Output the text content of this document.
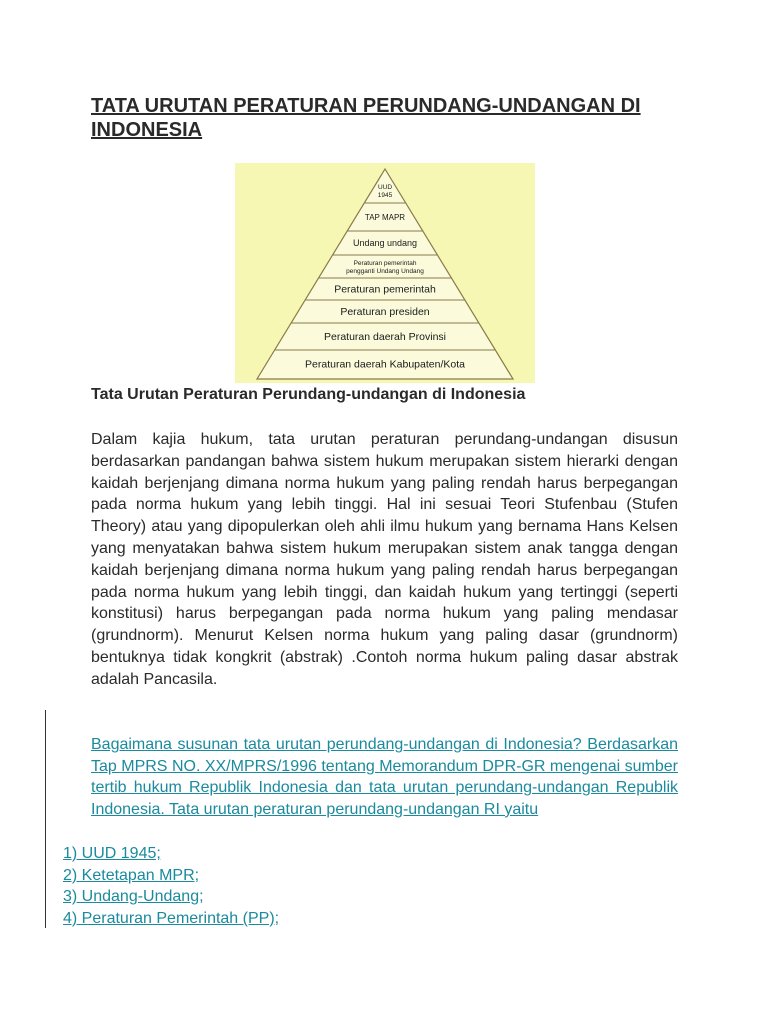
TATA URUTAN PERATURAN PERUNDANG-UNDANGAN DI INDONESIA
UUD 1945
TAP MAPR
Undang undang
Peraturan pemerintah pengganti Undang Undang
Peraturan pemerintah
Peraturan presiden
Peraturan daerah Provinsi
Peraturan daerah Kabupaten/Kota

Tata Urutan Peraturan Perundang-undangan di Indonesia

Dalam kajia hukum, tata urutan peraturan perundang-undangan disusun berdasarkan pandangan bahwa sistem hukum merupakan sistem hierarki dengan kaidah berjenjang dimana norma hukum yang paling rendah harus berpegangan pada norma hukum yang lebih tinggi. Hal ini sesuai Teori Stufenbau (Stufen Theory) atau yang dipopulerkan oleh ahli ilmu hukum yang bernama Hans Kelsen yang menyatakan bahwa sistem hukum merupakan sistem anak tangga dengan kaidah berjenjang dimana norma hukum yang paling rendah harus berpegangan pada norma hukum yang lebih tinggi, dan kaidah hukum yang tertinggi (seperti konstitusi) harus berpegangan pada norma hukum yang paling mendasar (grundnorm). Menurut Kelsen norma hukum yang paling dasar (grundnorm) bentuknya tidak kongkrit (abstrak) .Contoh norma hukum paling dasar abstrak adalah Pancasila.

Bagaimana susunan tata urutan perundang-undangan di Indonesia? Berdasarkan Tap MPRS NO. XX/MPRS/1996 tentang Memorandum DPR-GR mengenai sumber tertib hukum Republik Indonesia dan tata urutan perundang-undangan Republik Indonesia. Tata urutan peraturan perundang-undangan RI yaitu

1) UUD 1945;
2) Ketetapan MPR;
3) Undang-Undang;
4) Peraturan Pemerintah (PP);
